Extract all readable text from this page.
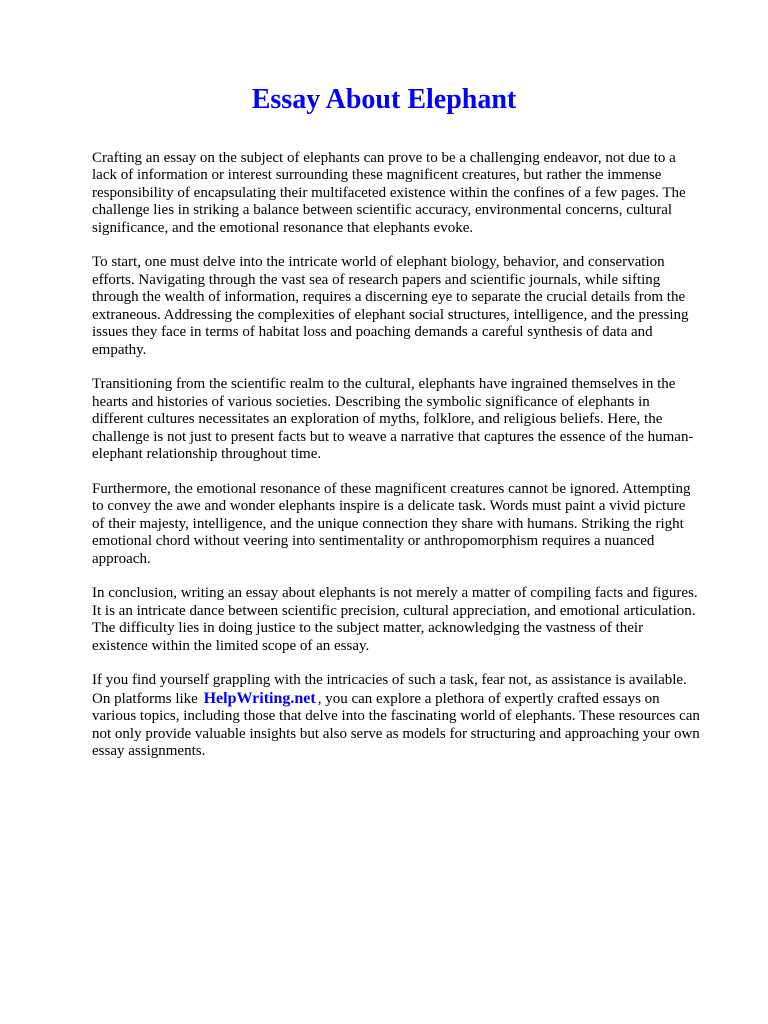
Essay About Elephant

Crafting an essay on the subject of elephants can prove to be a challenging endeavor, not due to a lack of information or interest surrounding these magnificent creatures, but rather the immense responsibility of encapsulating their multifaceted existence within the confines of a few pages. The challenge lies in striking a balance between scientific accuracy, environmental concerns, cultural significance, and the emotional resonance that elephants evoke.

To start, one must delve into the intricate world of elephant biology, behavior, and conservation efforts. Navigating through the vast sea of research papers and scientific journals, while sifting through the wealth of information, requires a discerning eye to separate the crucial details from the extraneous. Addressing the complexities of elephant social structures, intelligence, and the pressing issues they face in terms of habitat loss and poaching demands a careful synthesis of data and empathy.

Transitioning from the scientific realm to the cultural, elephants have ingrained themselves in the hearts and histories of various societies. Describing the symbolic significance of elephants in different cultures necessitates an exploration of myths, folklore, and religious beliefs. Here, the challenge is not just to present facts but to weave a narrative that captures the essence of the human-elephant relationship throughout time.

Furthermore, the emotional resonance of these magnificent creatures cannot be ignored. Attempting to convey the awe and wonder elephants inspire is a delicate task. Words must paint a vivid picture of their majesty, intelligence, and the unique connection they share with humans. Striking the right emotional chord without veering into sentimentality or anthropomorphism requires a nuanced approach.

In conclusion, writing an essay about elephants is not merely a matter of compiling facts and figures. It is an intricate dance between scientific precision, cultural appreciation, and emotional articulation. The difficulty lies in doing justice to the subject matter, acknowledging the vastness of their existence within the limited scope of an essay.

If you find yourself grappling with the intricacies of such a task, fear not, as assistance is available. On platforms like HelpWriting.net , you can explore a plethora of expertly crafted essays on various topics, including those that delve into the fascinating world of elephants. These resources can not only provide valuable insights but also serve as models for structuring and approaching your own essay assignments.
